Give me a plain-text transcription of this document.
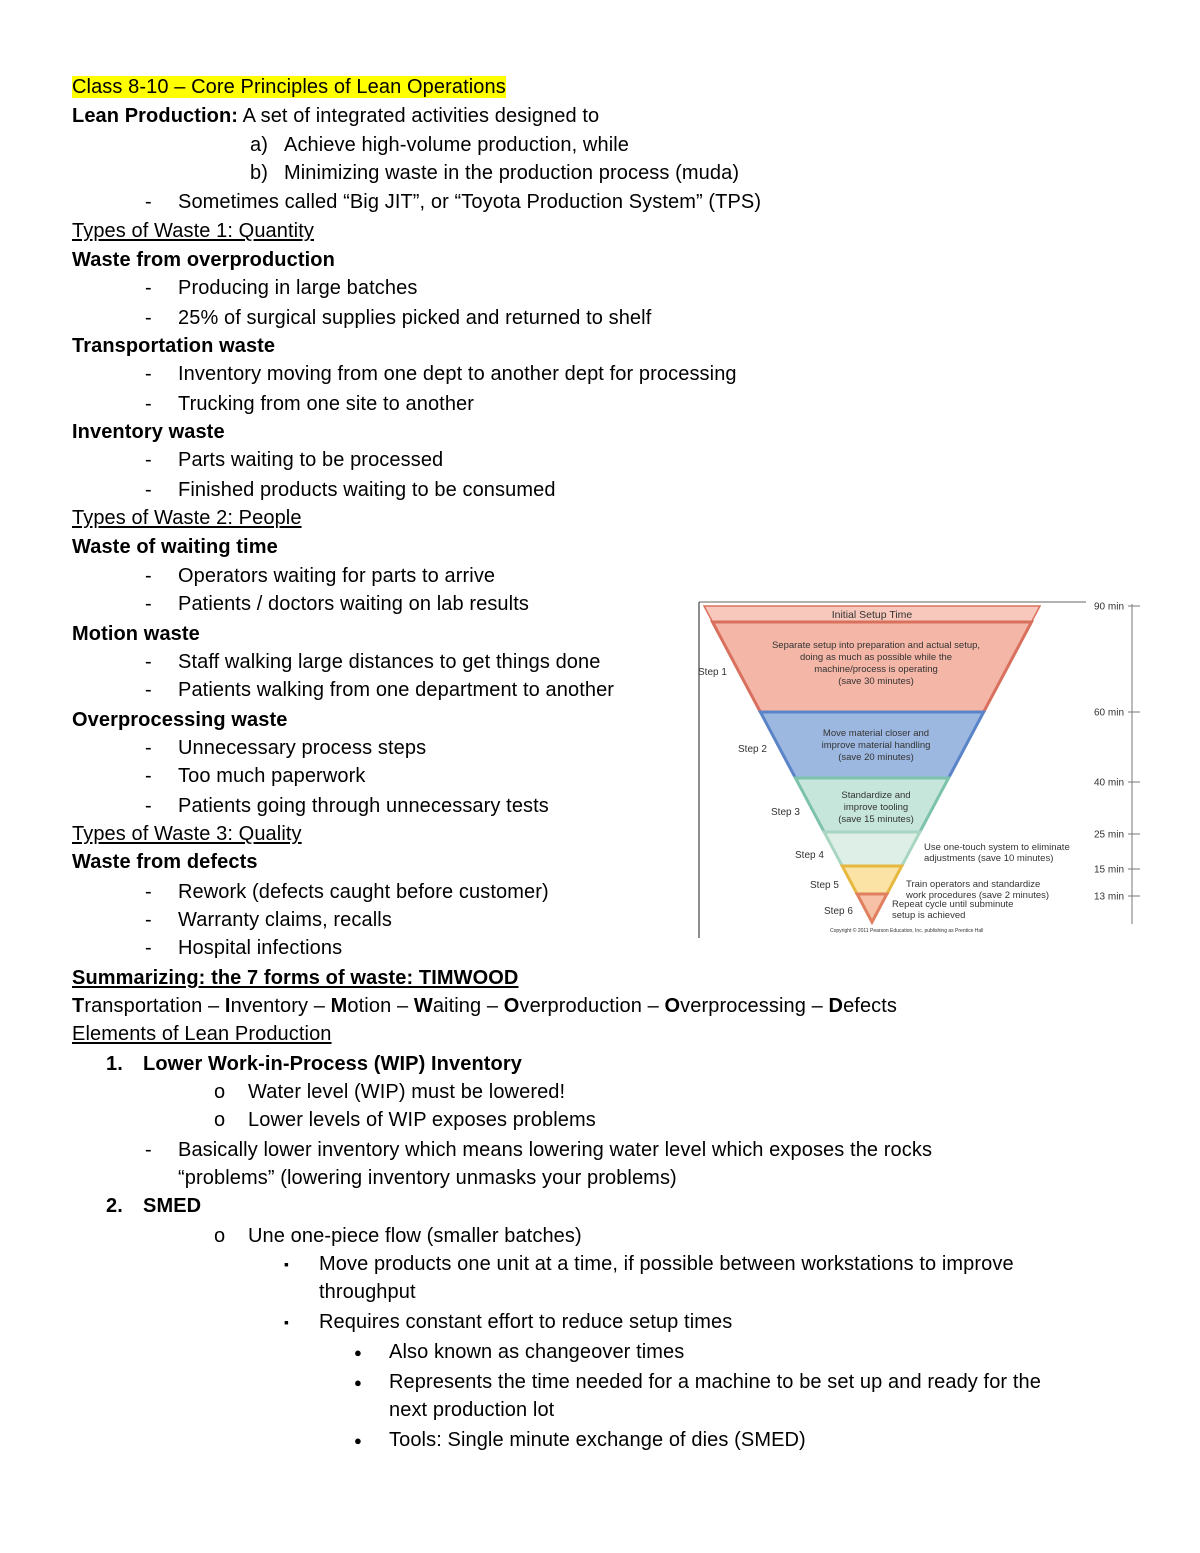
Class 8-10 – Core Principles of Lean Operations
Lean Production: A set of integrated activities designed to
a) Achieve high-volume production, while
b) Minimizing waste in the production process (muda)
- Sometimes called “Big JIT”, or “Toyota Production System” (TPS)
Types of Waste 1: Quantity
Waste from overproduction
- Producing in large batches
- 25% of surgical supplies picked and returned to shelf
Transportation waste
- Inventory moving from one dept to another dept for processing
- Trucking from one site to another
Inventory waste
- Parts waiting to be processed
- Finished products waiting to be consumed
Types of Waste 2: People
Waste of waiting time
- Operators waiting for parts to arrive
- Patients / doctors waiting on lab results
Motion waste
- Staff walking large distances to get things done
- Patients walking from one department to another
Overprocessing waste
- Unnecessary process steps
- Too much paperwork
- Patients going through unnecessary tests
Types of Waste 3: Quality
Waste from defects
- Rework (defects caught before customer)
- Warranty claims, recalls
- Hospital infections
Summarizing: the 7 forms of waste: TIMWOOD
Transportation – Inventory – Motion – Waiting – Overproduction – Overprocessing – Defects
Elements of Lean Production
1. Lower Work-in-Process (WIP) Inventory
o Water level (WIP) must be lowered!
o Lower levels of WIP exposes problems
- Basically lower inventory which means lowering water level which exposes the rocks
“problems” (lowering inventory unmasks your problems)
2. SMED
o Une one-piece flow (smaller batches)
▪ Move products one unit at a time, if possible between workstations to improve
throughput
▪ Requires constant effort to reduce setup times
● Also known as changeover times
● Represents the time needed for a machine to be set up and ready for the
next production lot
● Tools: Single minute exchange of dies (SMED)
Initial Setup Time
Separate setup into preparation and actual setup,
doing as much as possible while the
machine/process is operating
(save 30 minutes)
Move material closer and
improve material handling
(save 20 minutes)
Standardize and
improve tooling
(save 15 minutes)
Use one-touch system to eliminate
adjustments (save 10 minutes)
Train operators and standardize
work procedures (save 2 minutes)
Repeat cycle until subminute
setup is achieved
Step 1
Step 2
Step 3
Step 4
Step 5
Step 6
90 min
60 min
40 min
25 min
15 min
13 min
Copyright © 2011 Pearson Education, Inc. publishing as Prentice Hall
